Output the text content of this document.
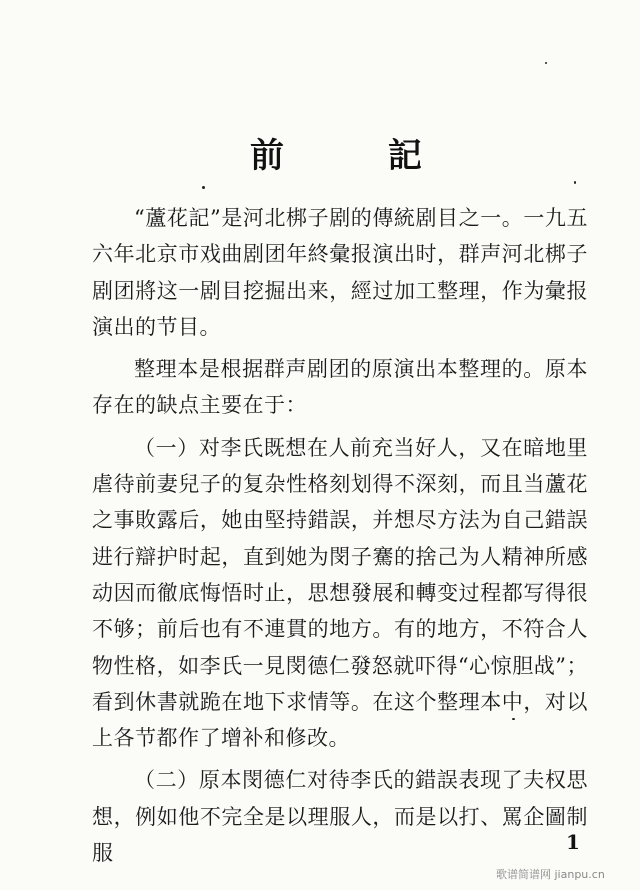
前 記

“蘆花記”是河北梆子剧的傳統剧目之一。一九五六年北京市戏曲剧团年終彙报演出时，群声河北梆子剧团將这一剧目挖掘出来，經过加工整理，作为彙报演出的节目。

整理本是根据群声剧团的原演出本整理的。原本存在的缺点主要在于：

（一）对李氏既想在人前充当好人，又在暗地里虐待前妻兒子的复杂性格刻划得不深刻，而且当蘆花之事敗露后，她由堅持錯誤，并想尽方法为自己錯誤进行辯护时起，直到她为閔子騫的捨己为人精神所感动因而徹底悔悟时止，思想發展和轉变过程都写得很不够；前后也有不連貫的地方。有的地方，不符合人物性格，如李氏一見閔德仁發怒就吓得“心惊胆战”；看到休書就跪在地下求情等。在这个整理本中，对以上各节都作了增补和修改。

（二）原本閔德仁对待李氏的錯誤表现了夫权思想，例如他不完全是以理服人，而是以打、罵企圖制服	1
歌谱简谱网 jianpu.cn
